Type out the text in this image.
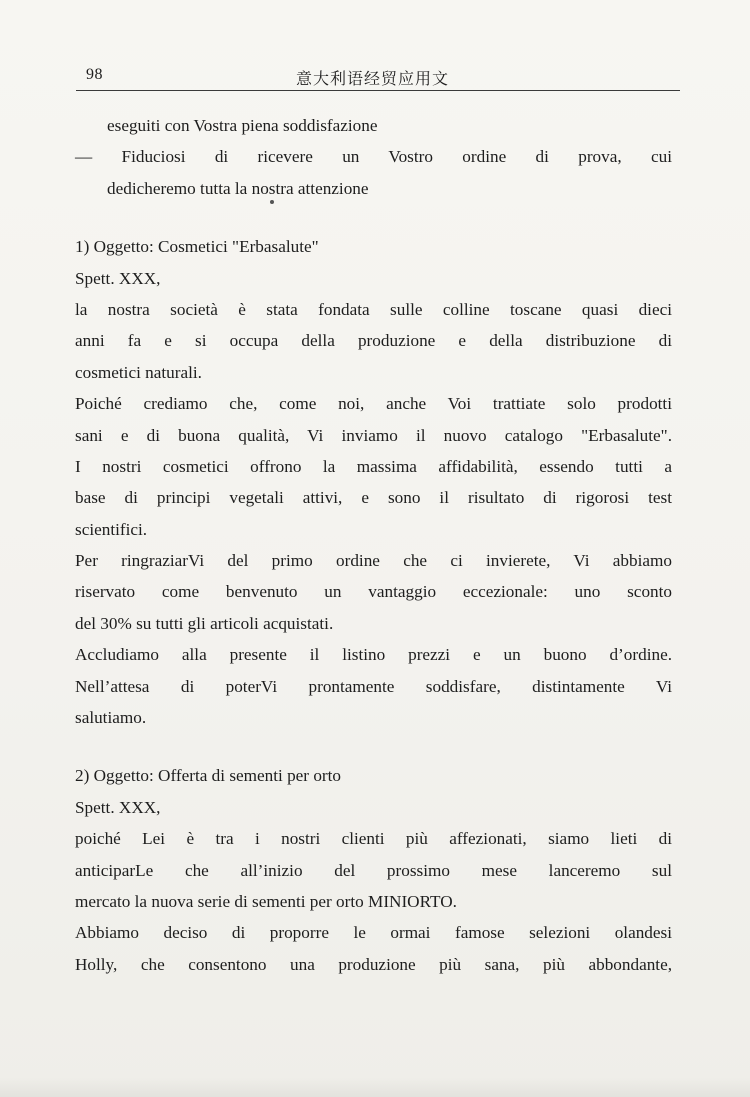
98	意大利语经贸应用文
eseguiti con Vostra piena soddisfazione
— Fiduciosi di ricevere un Vostro ordine di prova, cui
dedicheremo tutta la nostra attenzione
1) Oggetto: Cosmetici "Erbasalute"
Spett. XXX,
la nostra società è stata fondata sulle colline toscane quasi dieci
anni fa e si occupa della produzione e della distribuzione di
cosmetici naturali.
Poiché crediamo che, come noi, anche Voi trattiate solo prodotti
sani e di buona qualità, Vi inviamo il nuovo catalogo "Erbasalute".
I nostri cosmetici offrono la massima affidabilità, essendo tutti a
base di principi vegetali attivi, e sono il risultato di rigorosi test
scientifici.
Per ringraziarVi del primo ordine che ci invierete, Vi abbiamo
riservato come benvenuto un vantaggio eccezionale: uno sconto
del 30% su tutti gli articoli acquistati.
Accludiamo alla presente il listino prezzi e un buono d’ordine.
Nell’attesa di poterVi prontamente soddisfare, distintamente Vi
salutiamo.
2) Oggetto: Offerta di sementi per orto
Spett. XXX,
poiché Lei è tra i nostri clienti più affezionati, siamo lieti di
anticiparLe che all’inizio del prossimo mese lanceremo sul
mercato la nuova serie di sementi per orto MINIORTO.
Abbiamo deciso di proporre le ormai famose selezioni olandesi
Holly, che consentono una produzione più sana, più abbondante,
